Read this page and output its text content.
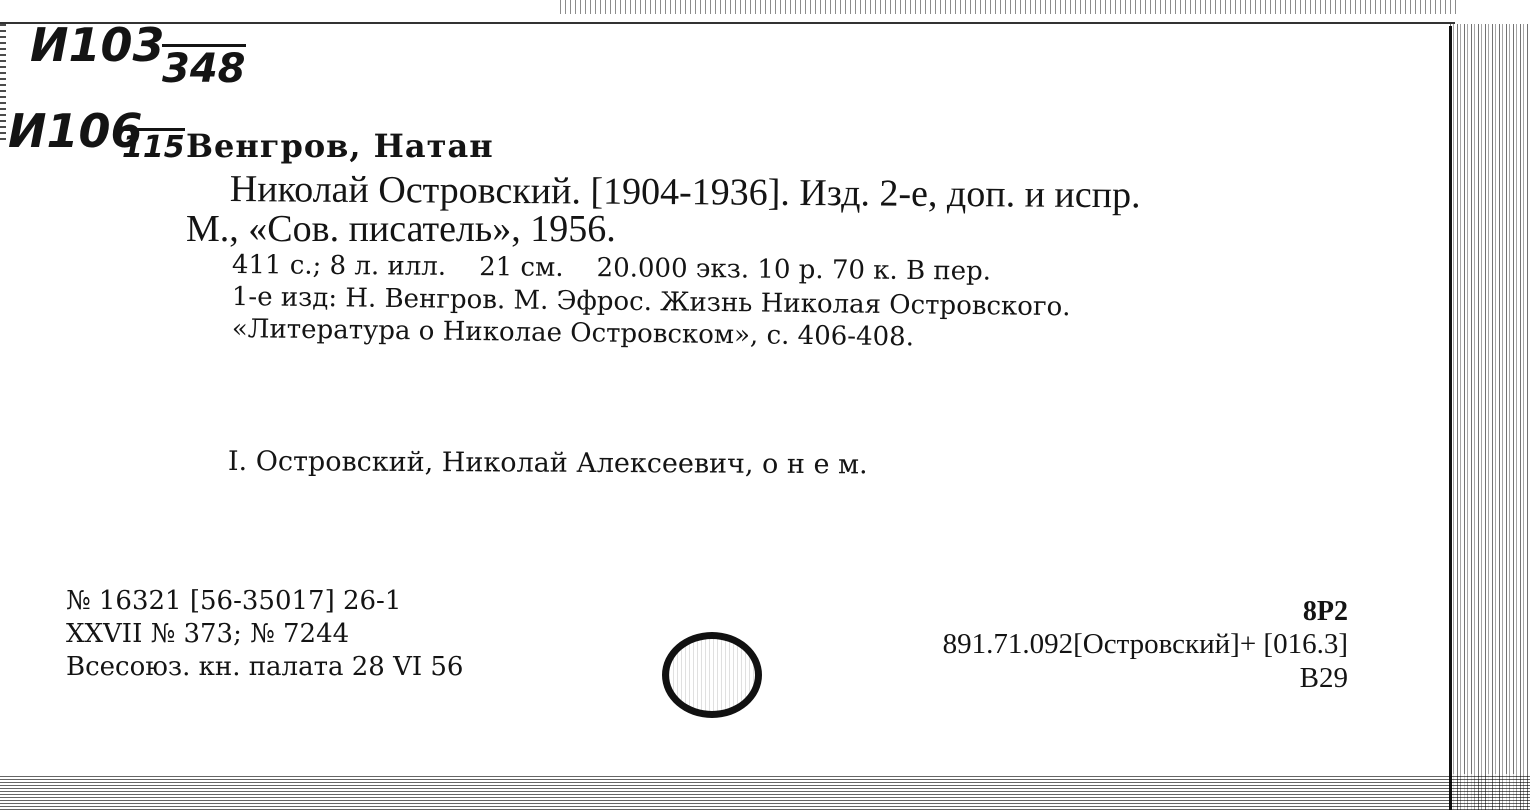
И103
348
И106
115 Венгров, Натан
Николай Островский. [1904-1936]. Изд. 2-е, доп. и испр.
М., «Сов. писатель», 1956.
411 с.; 8 л. илл.    21 см.    20.000 экз. 10 р. 70 к. В пер.
1-е изд: Н. Венгров. М. Эфрос. Жизнь Николая Островского.
«Литература о Николае Островском», с. 406-408.
I. Островский, Николай Алексеевич, о н е м.
№ 16321 [56-35017] 26-1
XXVII № 373; № 7244
Всесоюз. кн. палата 28 VI 56
8Р2
891.71.092[Островский]+ [016.3]
В29
